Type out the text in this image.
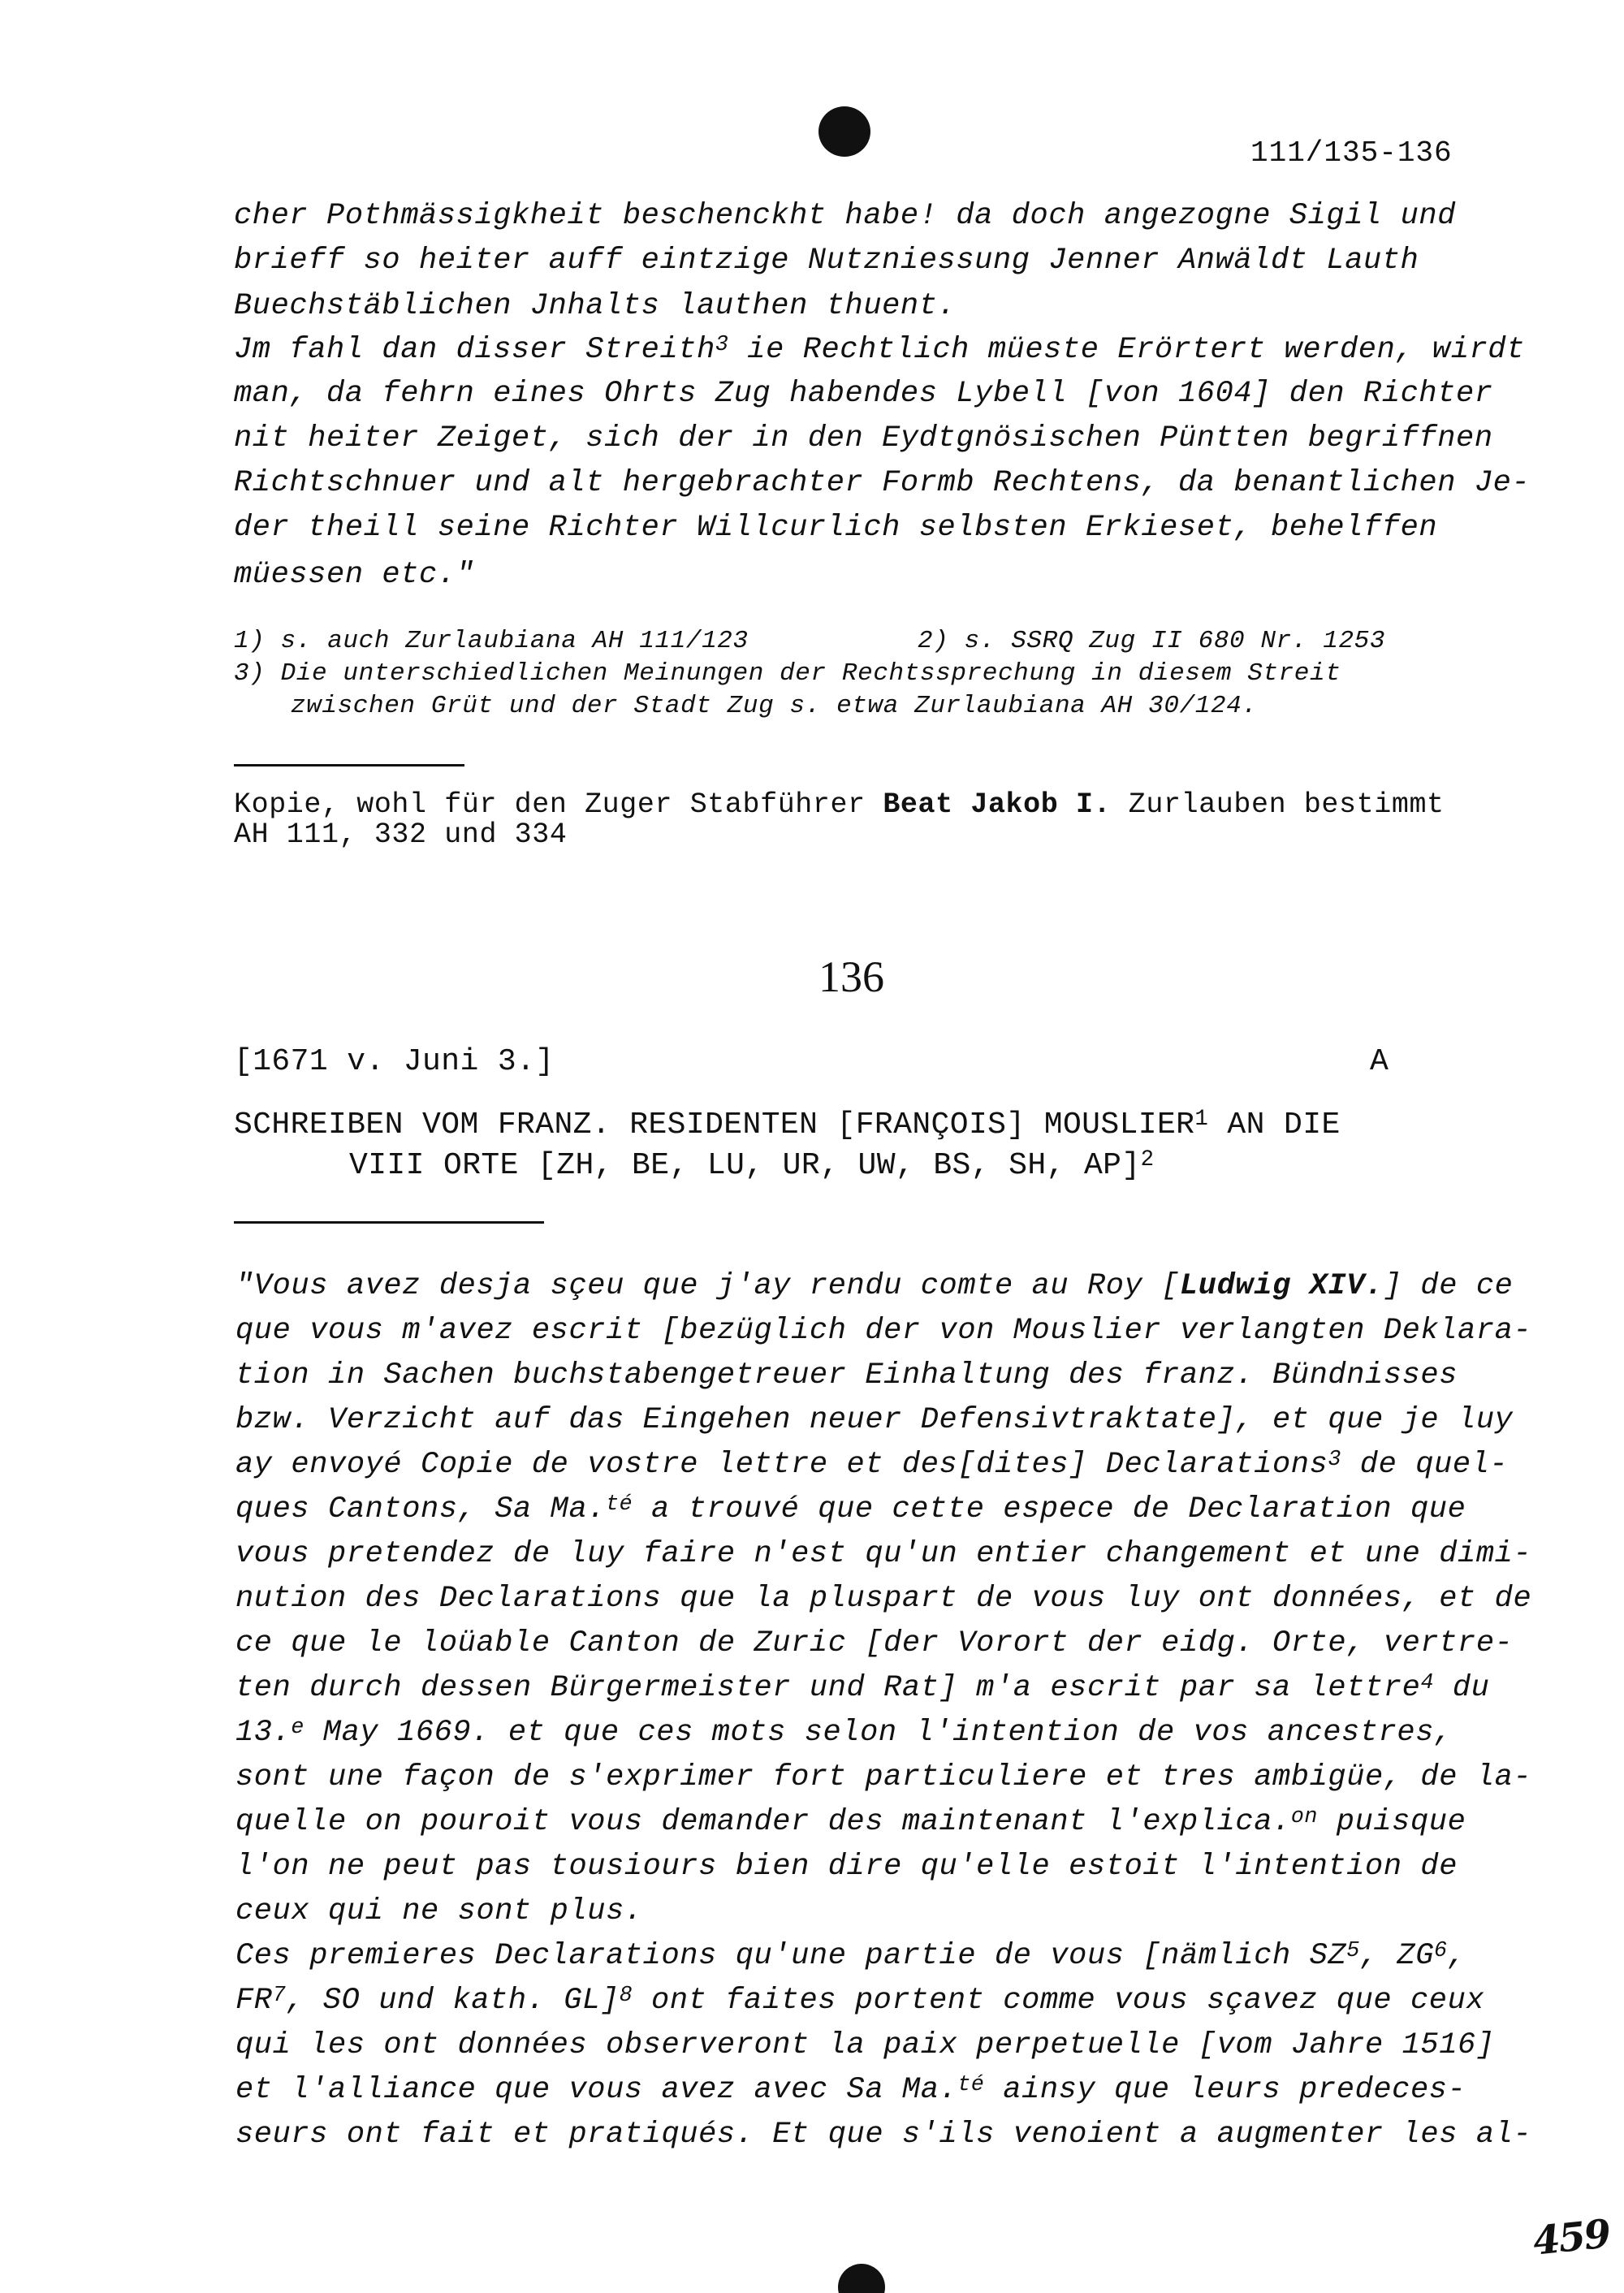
111/135-136
cher Pothmässigkheit beschenckht habe! da doch angezogne Sigil und
brieff so heiter auff eintzige Nutzniessung Jenner Anwäldt Lauth
Buechstäblichen Jnhalts lauthen thuent.
Jm fahl dan disser Streith$^3$ ie Rechtlich müeste Erörtert werden, wirdt
man, da fehrn eines Ohrts Zug habendes Lybell [von 1604] den Richter
nit heiter Zeiget, sich der in den Eydtgnösischen Püntten begriffnen
Richtschnuer und alt hergebrachter Formb Rechtens, da benantlichen Je-
der theill seine Richter Willcurlich selbsten Erkieset, behelffen
müessen etc."
1) s. auch Zurlaubiana AH 111/123	2) s. SSRQ Zug II 680 Nr. 1253
3) Die unterschiedlichen Meinungen der Rechtssprechung in diesem Streit
zwischen Grüt und der Stadt Zug s. etwa Zurlaubiana AH 30/124.
Kopie, wohl für den Zuger Stabführer Beat Jakob I. Zurlauben bestimmt
AH 111, 332 und 334
136
[1671 v. Juni 3.]	A
SCHREIBEN VOM FRANZ. RESIDENTEN [FRANÇOIS] MOUSLIER$^1$ AN DIE
VIII ORTE [ZH, BE, LU, UR, UW, BS, SH, AP]$^2$
"Vous avez desja sçeu que j'ay rendu comte au Roy [Ludwig XIV.] de ce
que vous m'avez escrit [bezüglich der von Mouslier verlangten Deklara-
tion in Sachen buchstabengetreuer Einhaltung des franz. Bündnisses
bzw. Verzicht auf das Eingehen neuer Defensivtraktate], et que je luy
ay envoyé Copie de vostre lettre et des[dites] Declarations$^3$ de quel-
ques Cantons, Sa Ma.$^{té}$ a trouvé que cette espece de Declaration que
vous pretendez de luy faire n'est qu'un entier changement et une dimi-
nution des Declarations que la pluspart de vous luy ont données, et de
ce que le loüable Canton de Zuric [der Vorort der eidg. Orte, vertre-
ten durch dessen Bürgermeister und Rat] m'a escrit par sa lettre$^4$ du
13.$^e$ May 1669. et que ces mots selon l'intention de vos ancestres,
sont une façon de s'exprimer fort particuliere et tres ambigüe, de la-
quelle on pouroit vous demander des maintenant l'explica.$^{on}$ puisque
l'on ne peut pas tousiours bien dire qu'elle estoit l'intention de
ceux qui ne sont plus.
Ces premieres Declarations qu'une partie de vous [nämlich $SZ^5$, $ZG^6$,
$FR^7$, SO und kath. GL]$^8$ ont faites portent comme vous sçavez que ceux
qui les ont données observeront la paix perpetuelle [vom Jahre 1516]
et l'alliance que vous avez avec Sa Ma.$^{té}$ ainsy que leurs predeces-
seurs ont fait et pratiqués. Et que s'ils venoient a augmenter les al-
459
